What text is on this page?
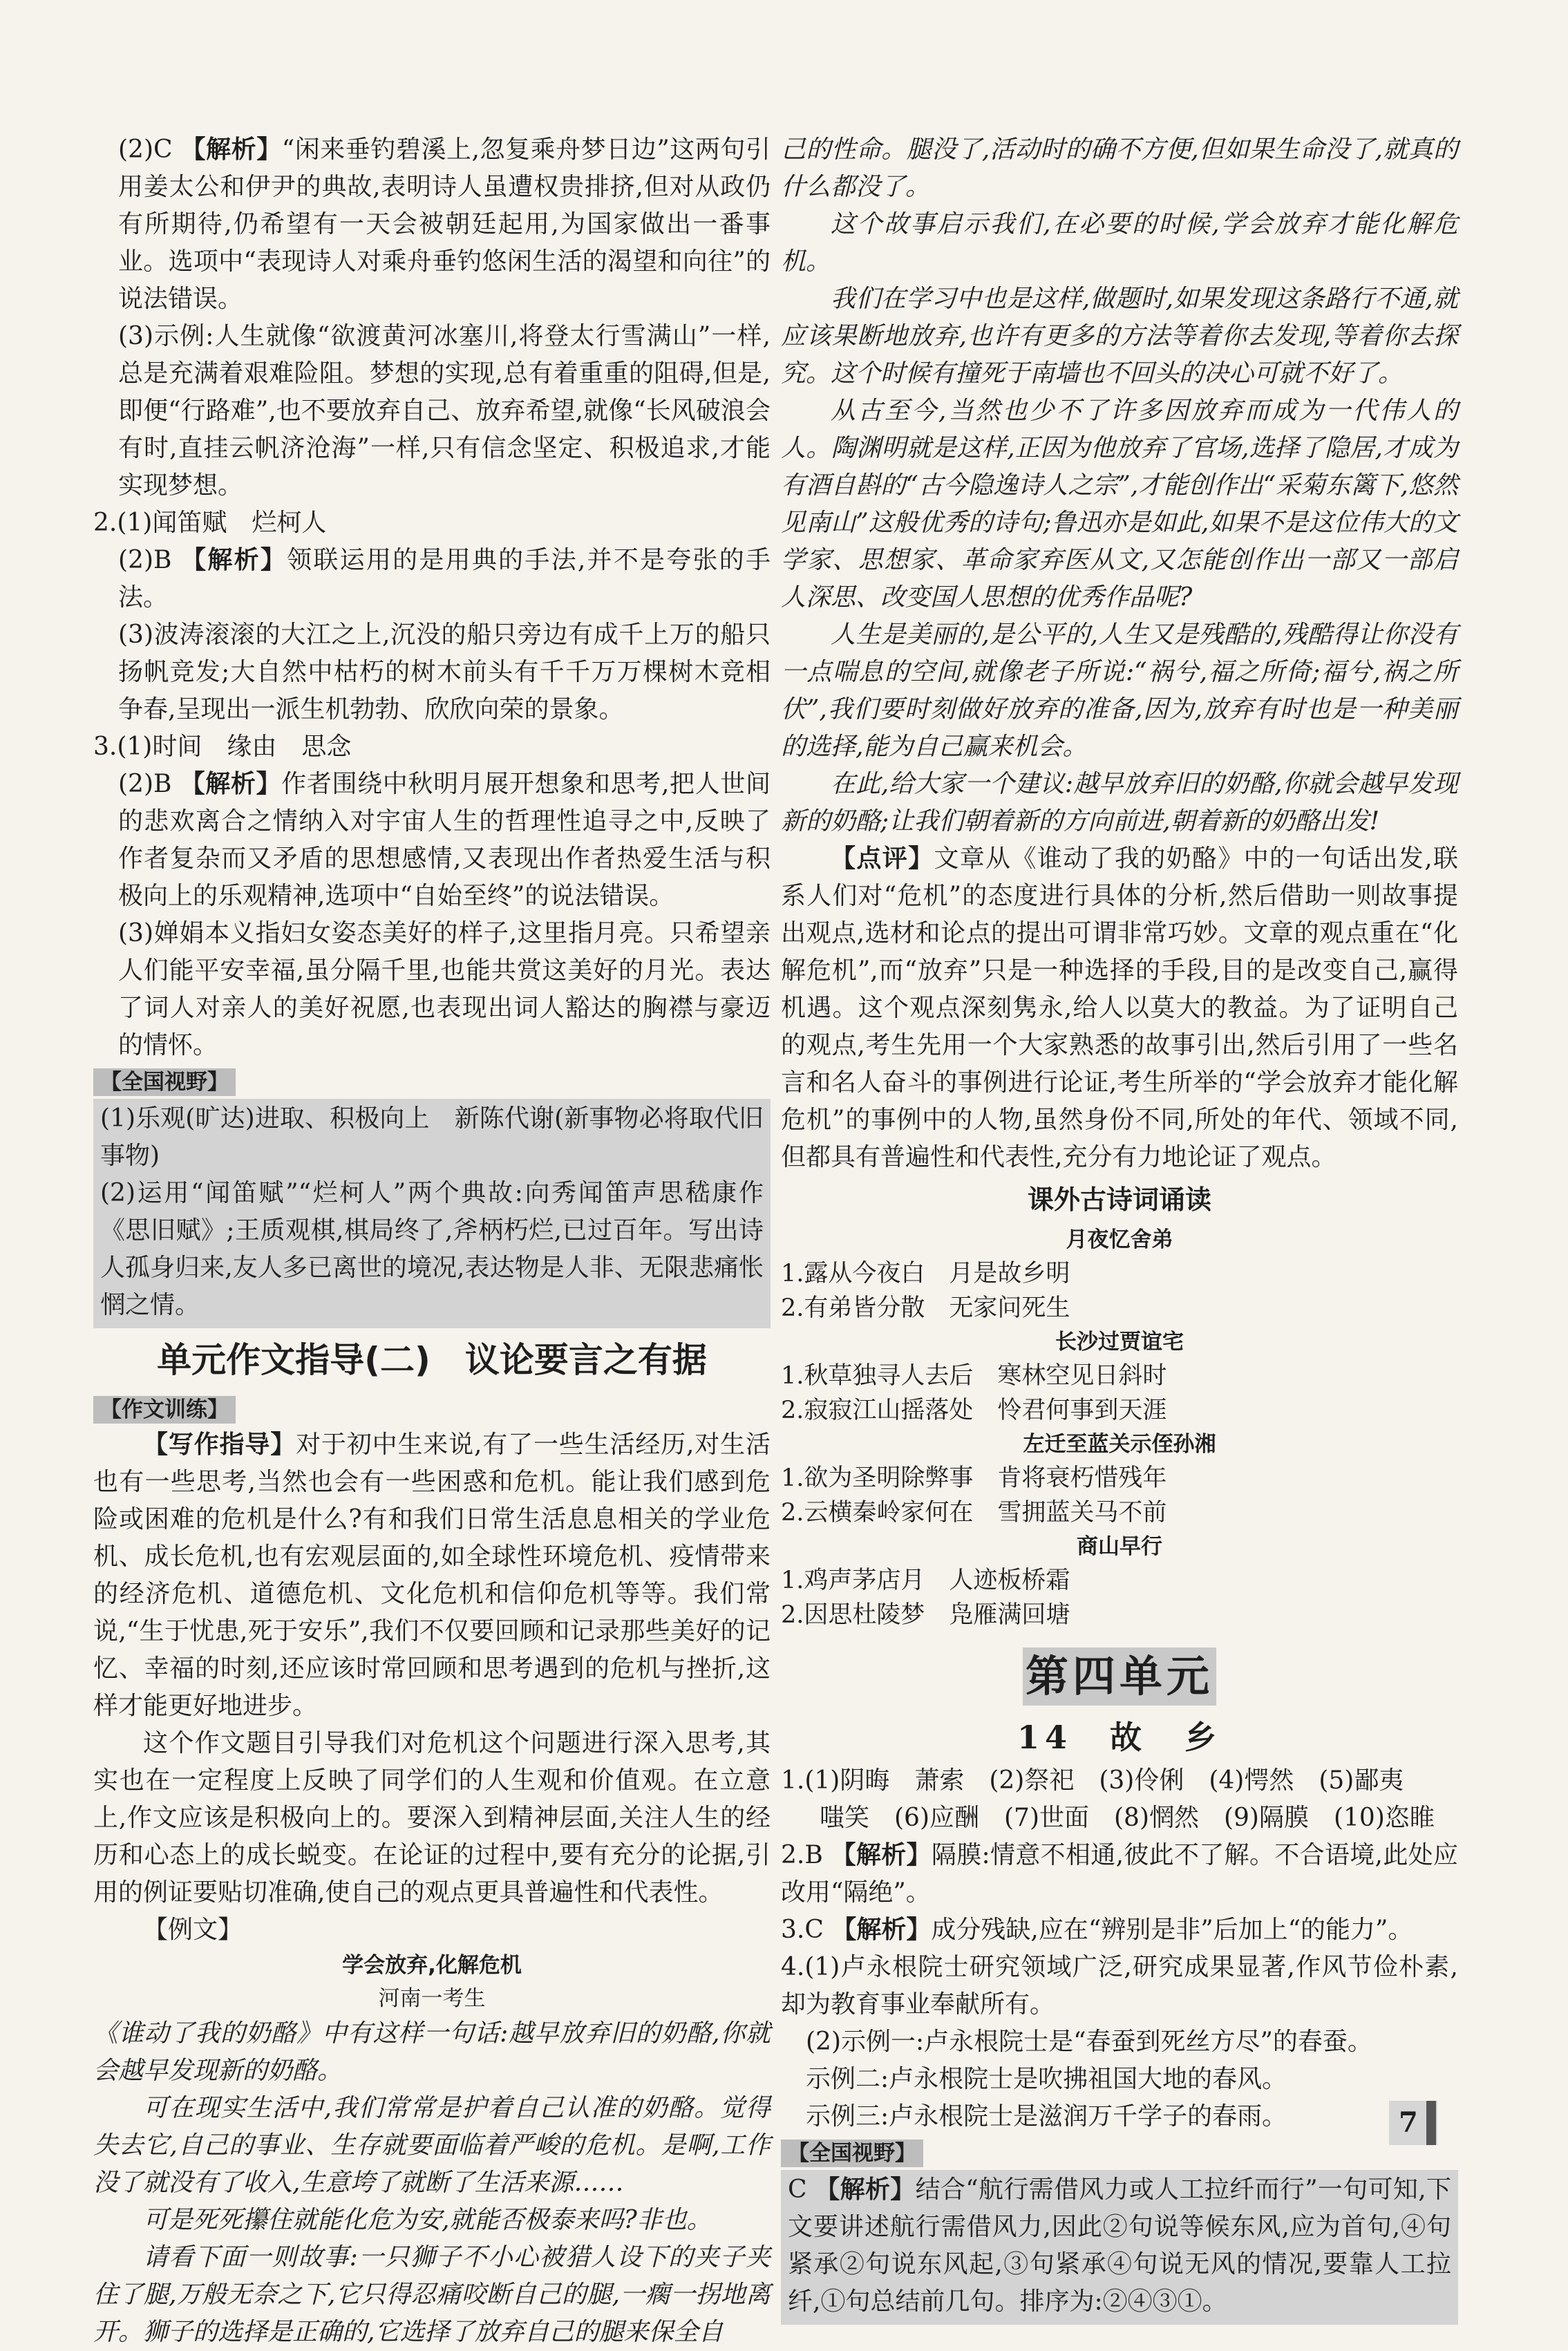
(2)C 【解析】“闲来垂钓碧溪上,忽复乘舟梦日边”这两句引用姜太公和伊尹的典故,表明诗人虽遭权贵排挤,但对从政仍有所期待,仍希望有一天会被朝廷起用,为国家做出一番事业。选项中“表现诗人对乘舟垂钓悠闲生活的渴望和向往”的说法错误。

(3)示例:人生就像“欲渡黄河冰塞川,将登太行雪满山”一样,总是充满着艰难险阻。梦想的实现,总有着重重的阻碍,但是,即便“行路难”,也不要放弃自己、放弃希望,就像“长风破浪会有时,直挂云帆济沧海”一样,只有信念坚定、积极追求,才能实现梦想。

2.(1)闻笛赋　烂柯人

(2)B 【解析】领联运用的是用典的手法,并不是夸张的手法。

(3)波涛滚滚的大江之上,沉没的船只旁边有成千上万的船只扬帆竞发;大自然中枯朽的树木前头有千千万万棵树木竞相争春,呈现出一派生机勃勃、欣欣向荣的景象。

3.(1)时间　缘由　思念

(2)B 【解析】作者围绕中秋明月展开想象和思考,把人世间的悲欢离合之情纳入对宇宙人生的哲理性追寻之中,反映了作者复杂而又矛盾的思想感情,又表现出作者热爱生活与积极向上的乐观精神,选项中“自始至终”的说法错误。

(3)婵娟本义指妇女姿态美好的样子,这里指月亮。只希望亲人们能平安幸福,虽分隔千里,也能共赏这美好的月光。表达了词人对亲人的美好祝愿,也表现出词人豁达的胸襟与豪迈的情怀。

【全国视野】

(1)乐观(旷达)进取、积极向上　新陈代谢(新事物必将取代旧事物)

(2)运用“闻笛赋”“烂柯人”两个典故:向秀闻笛声思嵇康作《思旧赋》;王质观棋,棋局终了,斧柄朽烂,已过百年。写出诗人孤身归来,友人多已离世的境况,表达物是人非、无限悲痛怅惘之情。

单元作文指导(二)　议论要言之有据
【作文训练】

【写作指导】对于初中生来说,有了一些生活经历,对生活也有一些思考,当然也会有一些困惑和危机。能让我们感到危险或困难的危机是什么?有和我们日常生活息息相关的学业危机、成长危机,也有宏观层面的,如全球性环境危机、疫情带来的经济危机、道德危机、文化危机和信仰危机等等。我们常说,“生于忧患,死于安乐”,我们不仅要回顾和记录那些美好的记忆、幸福的时刻,还应该时常回顾和思考遇到的危机与挫折,这样才能更好地进步。

这个作文题目引导我们对危机这个问题进行深入思考,其实也在一定程度上反映了同学们的人生观和价值观。在立意上,作文应该是积极向上的。要深入到精神层面,关注人生的经历和心态上的成长蜕变。在论证的过程中,要有充分的论据,引用的例证要贴切准确,使自己的观点更具普遍性和代表性。

【例文】

学会放弃,化解危机
河南一考生

《谁动了我的奶酪》中有这样一句话:越早放弃旧的奶酪,你就会越早发现新的奶酪。

可在现实生活中,我们常常是护着自己认准的奶酪。觉得失去它,自己的事业、生存就要面临着严峻的危机。是啊,工作没了就没有了收入,生意垮了就断了生活来源……

可是死死攥住就能化危为安,就能否极泰来吗?非也。

请看下面一则故事:一只狮子不小心被猎人设下的夹子夹住了腿,万般无奈之下,它只得忍痛咬断自己的腿,一瘸一拐地离开。狮子的选择是正确的,它选择了放弃自己的腿来保全自

己的性命。腿没了,活动时的确不方便,但如果生命没了,就真的什么都没了。

这个故事启示我们,在必要的时候,学会放弃才能化解危机。

我们在学习中也是这样,做题时,如果发现这条路行不通,就应该果断地放弃,也许有更多的方法等着你去发现,等着你去探究。这个时候有撞死于南墙也不回头的决心可就不好了。

从古至今,当然也少不了许多因放弃而成为一代伟人的人。陶渊明就是这样,正因为他放弃了官场,选择了隐居,才成为有酒自斟的“古今隐逸诗人之宗”,才能创作出“采菊东篱下,悠然见南山”这般优秀的诗句;鲁迅亦是如此,如果不是这位伟大的文学家、思想家、革命家弃医从文,又怎能创作出一部又一部启人深思、改变国人思想的优秀作品呢?

人生是美丽的,是公平的,人生又是残酷的,残酷得让你没有一点喘息的空间,就像老子所说:“祸兮,福之所倚;福兮,祸之所伏”,我们要时刻做好放弃的准备,因为,放弃有时也是一种美丽的选择,能为自己赢来机会。

在此,给大家一个建议:越早放弃旧的奶酪,你就会越早发现新的奶酪;让我们朝着新的方向前进,朝着新的奶酪出发!

【点评】文章从《谁动了我的奶酪》中的一句话出发,联系人们对“危机”的态度进行具体的分析,然后借助一则故事提出观点,选材和论点的提出可谓非常巧妙。文章的观点重在“化解危机”,而“放弃”只是一种选择的手段,目的是改变自己,赢得机遇。这个观点深刻隽永,给人以莫大的教益。为了证明自己的观点,考生先用一个大家熟悉的故事引出,然后引用了一些名言和名人奋斗的事例进行论证,考生所举的“学会放弃才能化解危机”的事例中的人物,虽然身份不同,所处的年代、领域不同,但都具有普遍性和代表性,充分有力地论证了观点。

课外古诗词诵读
月夜忆舍弟

1.露从今夜白　月是故乡明

2.有弟皆分散　无家问死生

长沙过贾谊宅

1.秋草独寻人去后　寒林空见日斜时

2.寂寂江山摇落处　怜君何事到天涯

左迁至蓝关示侄孙湘

1.欲为圣明除弊事　肯将衰朽惜残年

2.云横秦岭家何在　雪拥蓝关马不前

商山早行

1.鸡声茅店月　人迹板桥霜

2.因思杜陵梦　凫雁满回塘

第四单元
14　故　乡

1.(1)阴晦　萧索　(2)祭祀　(3)伶俐　(4)愕然　(5)鄙夷

嗤笑　(6)应酬　(7)世面　(8)惘然　(9)隔膜　(10)恣睢

2.B 【解析】隔膜:情意不相通,彼此不了解。不合语境,此处应改用“隔绝”。

3.C 【解析】成分残缺,应在“辨别是非”后加上“的能力”。

4.(1)卢永根院士研究领域广泛,研究成果显著,作风节俭朴素,却为教育事业奉献所有。

(2)示例一:卢永根院士是“春蚕到死丝方尽”的春蚕。

示例二:卢永根院士是吹拂祖国大地的春风。

示例三:卢永根院士是滋润万千学子的春雨。

【全国视野】

C 【解析】结合“航行需借风力或人工拉纤而行”一句可知,下文要讲述航行需借风力,因此②句说等候东风,应为首句,④句紧承②句说东风起,③句紧承④句说无风的情况,要靠人工拉纤,①句总结前几句。排序为:②④③①。

7
